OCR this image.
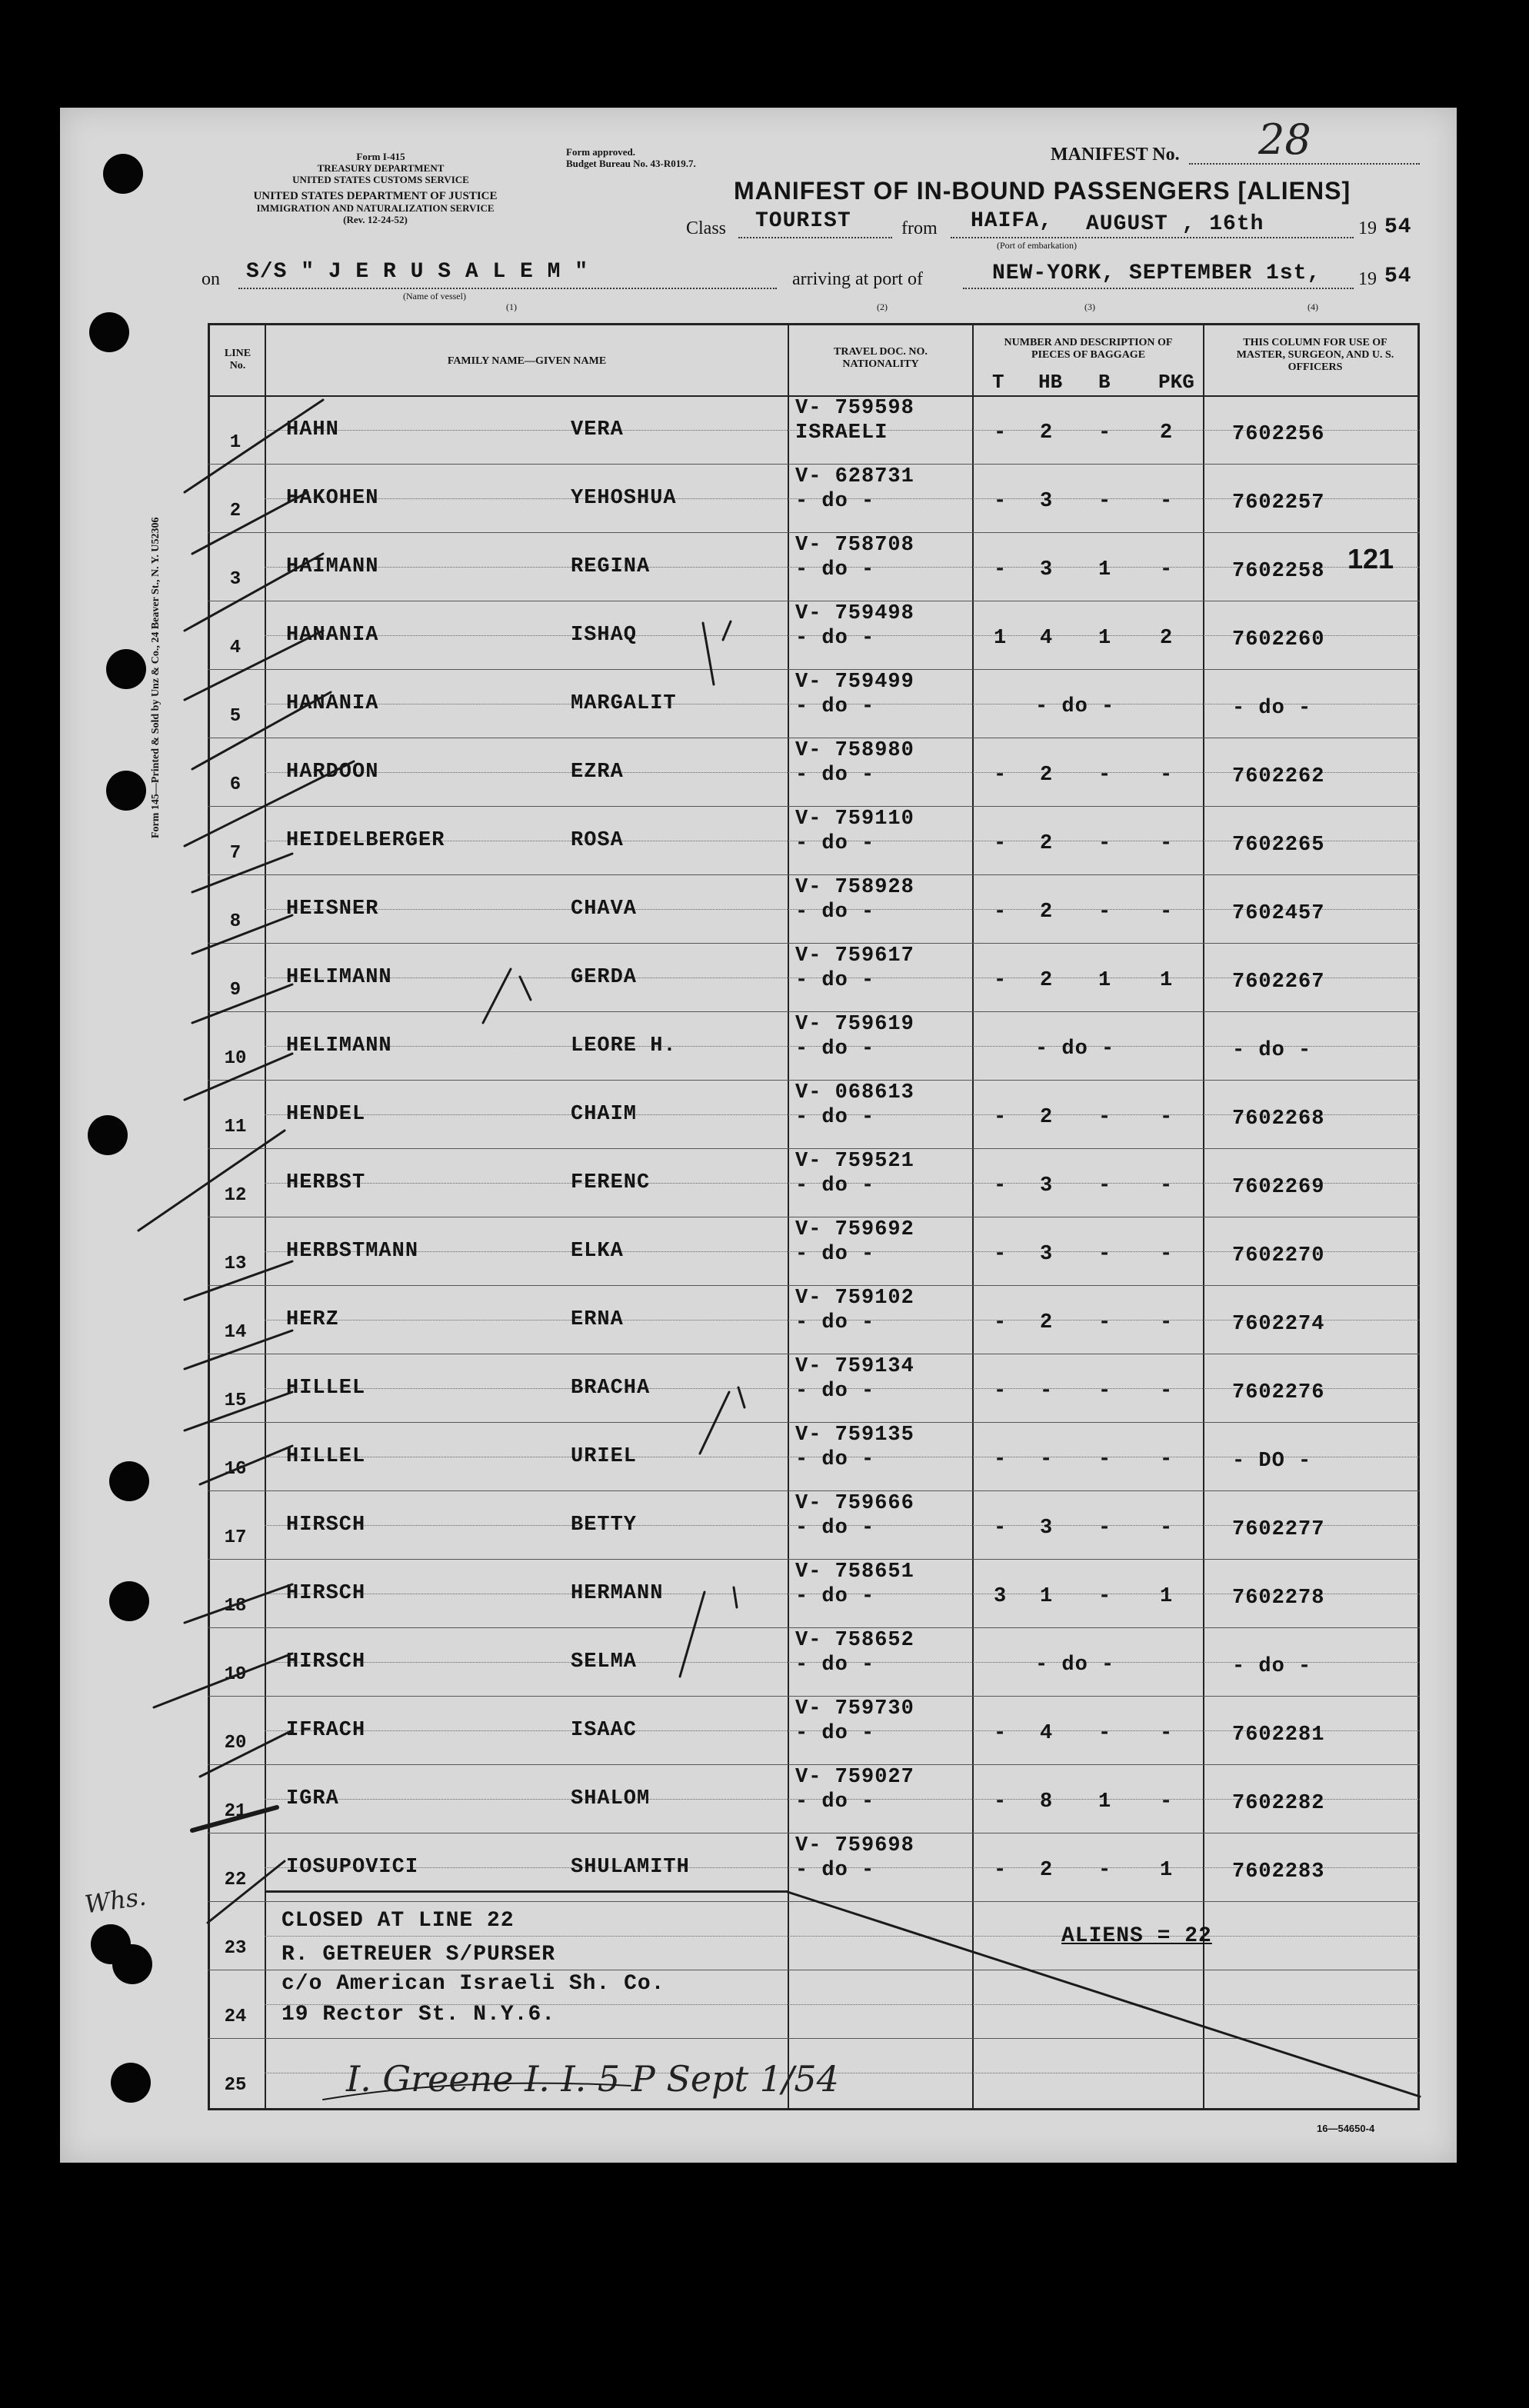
Form I-415
TREASURY DEPARTMENT
UNITED STATES CUSTOMS SERVICE
Form approved.
Budget Bureau No. 43-R019.7.
UNITED STATES DEPARTMENT OF JUSTICE
IMMIGRATION AND NATURALIZATION SERVICE
(Rev. 12-24-52)
MANIFEST No. 28
MANIFEST OF IN-BOUND PASSENGERS [ALIENS]
Class TOURIST	from HAIFA, AUGUST , 16th	19 54
(Port of embarkation)
on S/S " J E R U S A L E M "
(Name of vessel)
arriving at port of	NEW-YORK, SEPTEMBER 1st, 19 54
(1)	(2)	(3)	(4)
Form 145—Printed & Sold by Unz & Co., 24 Beaver St., N. Y. U52306
LINE No.	FAMILY NAME—GIVEN NAME
TRAVEL DOC. NO. NATIONALITY
NUMBER AND DESCRIPTION OF PIECES OF BAGGAGE
THIS COLUMN FOR USE OF MASTER, SURGEON, AND U. S. OFFICERS
T HB B PKG
1
HAHN	VERA
V- 759598
ISRAELI	- 2 - 2	7602256
2
HAKOHEN	YEHOSHUA
V- 628731
- do -	- 3 - -	7602257
3
HAIMANN	REGINA
V- 758708
- do -	- 3 1 -	7602258
4
HANANIA	ISHAQ
V- 759498
- do -	1 4 1 2	7602260
5
HANANIA	MARGALIT
V- 759499
- do -	- do -	- do -
6
HARDOON	EZRA
V- 758980
- do -	- 2 - -	7602262
7
HEIDELBERGER	ROSA
V- 759110
- do -	- 2 - -	7602265
8
HEISNER	CHAVA
V- 758928
- do -	- 2 - -	7602457
9
HELIMANN	GERDA
V- 759617
- do -	- 2 1 1	7602267
10
HELIMANN	LEORE H.
V- 759619
- do -	- do -	- do -
11
HENDEL	CHAIM
V- 068613
- do -	- 2 - -	7602268
12
HERBST	FERENC
V- 759521
- do -	- 3 - -	7602269
13
HERBSTMANN	ELKA
V- 759692
- do -	- 3 - -	7602270
14
HERZ	ERNA
V- 759102
- do -	- 2 - -	7602274
15
HILLEL	BRACHA
V- 759134
- do -	- - - -	7602276
16
HILLEL	URIEL
V- 759135
- do -	- - - -	- DO -
17
HIRSCH	BETTY
V- 759666
- do -	- 3 - -	7602277
18
HIRSCH	HERMANN
V- 758651
- do -	3 1 - 1	7602278
19
HIRSCH	SELMA
V- 758652
- do -	- do -	- do -
20
IFRACH	ISAAC
V- 759730
- do -	- 4 - -	7602281
21
IGRA	SHALOM
V- 759027
- do -	- 8 1 -	7602282
22
IOSUPOVICI	SHULAMITH
V- 759698
- do -	- 2 - 1	7602283
23
24
25
CLOSED AT LINE 22
R. GETREUER S/PURSER
c/o American Israeli Sh. Co.
19 Rector St. N.Y.6.
ALIENS = 22
121
16—54650-4
Whs.
I. Greene I. I. 5 P Sept 1/54
